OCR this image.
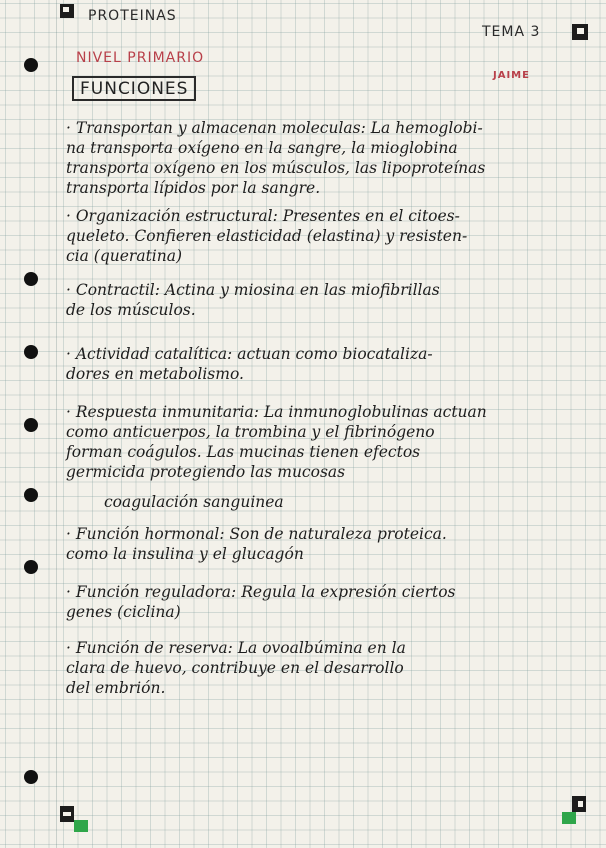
PROTEINAS
TEMA 3
NIVEL PRIMARIO
JAIME
FUNCIONES
· Transportan y almacenan moleculas: La hemoglobi-
na transporta oxígeno en la sangre, la mioglobina
transporta oxígeno en los músculos, las lipoproteínas
transporta lípidos por la sangre.
· Organización estructural: Presentes en el citoes-
queleto. Confieren elasticidad (elastina) y resisten-
cia (queratina)
· Contractil: Actina y miosina en las miofibrillas
de los músculos.
· Actividad catalítica: actuan como biocataliza-
dores en metabolismo.
· Respuesta inmunitaria: La inmunoglobulinas actuan
como anticuerpos, la trombina y el fibrinógeno
forman coágulos. Las mucinas tienen efectos
germicida protegiendo las mucosas
coagulación sanguinea
· Función hormonal: Son de naturaleza proteica.
como la insulina y el glucagón
· Función reguladora: Regula la expresión ciertos
genes (ciclina)
· Función de reserva: La ovoalbúmina en la
clara de huevo, contribuye en el desarrollo
del embrión.
